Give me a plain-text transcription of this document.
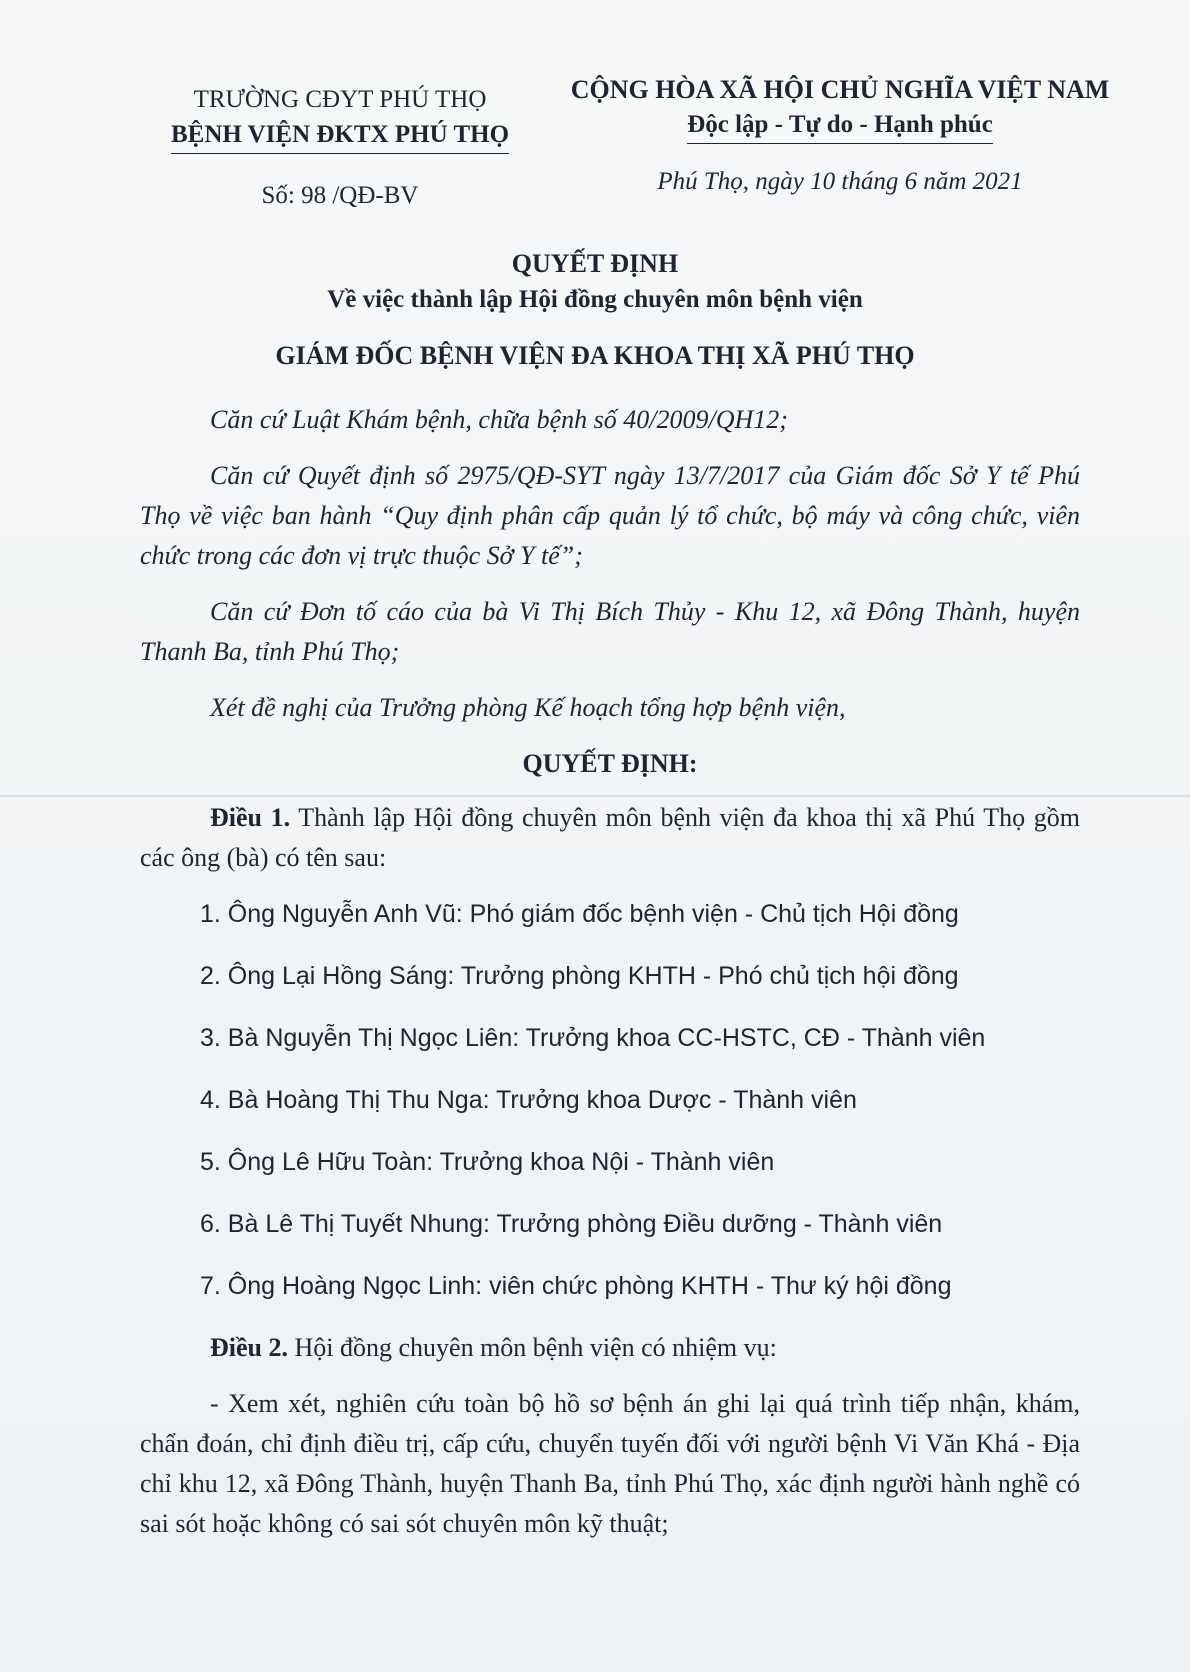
TRƯỜNG CĐYT PHÚ THỌ
BỆNH VIỆN ĐKTX PHÚ THỌ
Số: 98 /QĐ-BV
CỘNG HÒA XÃ HỘI CHỦ NGHĨA VIỆT NAM
Độc lập - Tự do - Hạnh phúc
Phú Thọ, ngày 10 tháng 6 năm 2021
QUYẾT ĐỊNH
Về việc thành lập Hội đồng chuyên môn bệnh viện
GIÁM ĐỐC BỆNH VIỆN ĐA KHOA THỊ XÃ PHÚ THỌ

Căn cứ Luật Khám bệnh, chữa bệnh số 40/2009/QH12;

Căn cứ Quyết định số 2975/QĐ-SYT ngày 13/7/2017 của Giám đốc Sở Y tế Phú Thọ về việc ban hành “Quy định phân cấp quản lý tổ chức, bộ máy và công chức, viên chức trong các đơn vị trực thuộc Sở Y tế”;

Căn cứ Đơn tố cáo của bà Vi Thị Bích Thủy - Khu 12, xã Đông Thành, huyện Thanh Ba, tỉnh Phú Thọ;

Xét đề nghị của Trưởng phòng Kế hoạch tổng hợp bệnh viện,

QUYẾT ĐỊNH:

Điều 1. Thành lập Hội đồng chuyên môn bệnh viện đa khoa thị xã Phú Thọ gồm các ông (bà) có tên sau:

1. Ông Nguyễn Anh Vũ: Phó giám đốc bệnh viện - Chủ tịch Hội đồng
2. Ông Lại Hồng Sáng: Trưởng phòng KHTH - Phó chủ tịch hội đồng
3. Bà Nguyễn Thị Ngọc Liên: Trưởng khoa CC-HSTC, CĐ - Thành viên
4. Bà Hoàng Thị Thu Nga: Trưởng khoa Dược - Thành viên
5. Ông Lê Hữu Toàn: Trưởng khoa Nội - Thành viên
6. Bà Lê Thị Tuyết Nhung: Trưởng phòng Điều dưỡng - Thành viên
7. Ông Hoàng Ngọc Linh: viên chức phòng KHTH - Thư ký hội đồng

Điều 2. Hội đồng chuyên môn bệnh viện có nhiệm vụ:

- Xem xét, nghiên cứu toàn bộ hồ sơ bệnh án ghi lại quá trình tiếp nhận, khám, chẩn đoán, chỉ định điều trị, cấp cứu, chuyển tuyến đối với người bệnh Vi Văn Khá - Địa chỉ khu 12, xã Đông Thành, huyện Thanh Ba, tỉnh Phú Thọ, xác định người hành nghề có sai sót hoặc không có sai sót chuyên môn kỹ thuật;
